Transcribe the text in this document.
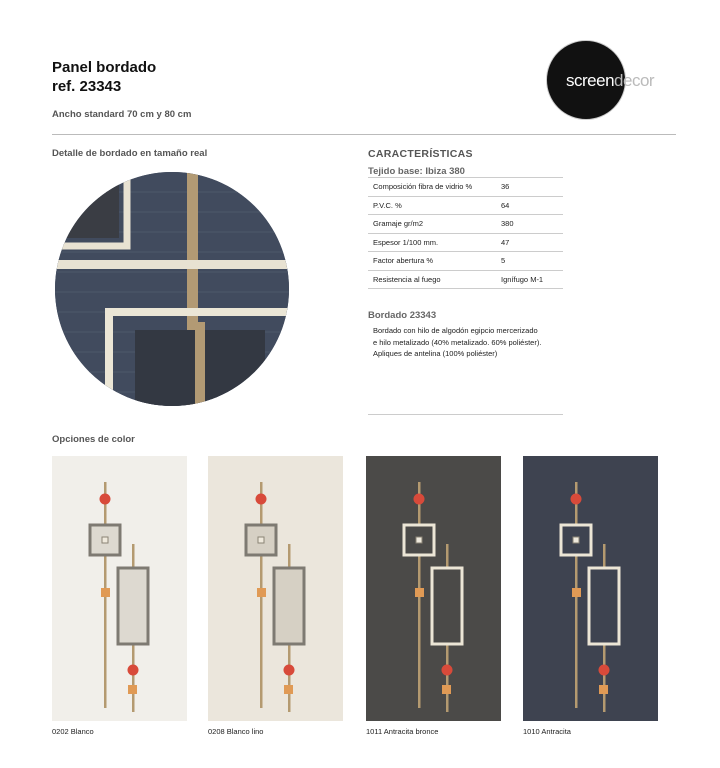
Panel bordado
ref. 23343
Ancho standard 70 cm y 80 cm
screendecor
Detalle de bordado en tamaño real	CARACTERÍSTICAS
Tejido base: Ibiza 380
Composición fibra de vidrio %	36
P.V.C. %	64
Gramaje gr/m2	380
Espesor 1/100 mm.	47
Factor abertura %	5
Resistencia al fuego	Ignífugo M-1
Bordado 23343
Bordado con hilo de algodón egipcio mercerizado
e hilo metalizado (40% metalizado. 60% poliéster).
Apliques de antelina (100% poliéster)
Opciones de color
0202 Blanco	0208 Blanco lino	1011 Antracita bronce	1010 Antracita
